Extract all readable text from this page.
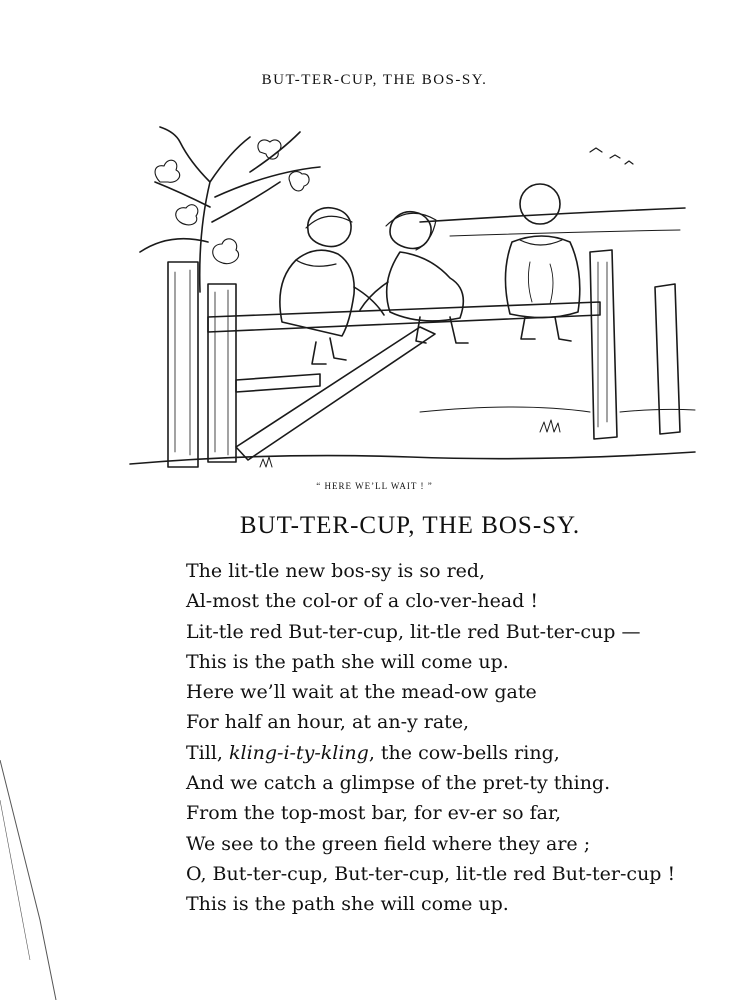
BUT-TER-CUP, THE BOS-SY.
“ HERE WE’LL WAIT ! ”
BUT-TER-CUP, THE BOS-SY.
The lit-tle new bos-sy is so red,
Al-most the col-or of a clo-ver-head !
Lit-tle red But-ter-cup, lit-tle red But-ter-cup —
This is the path she will come up.
Here we’ll wait at the mead-ow gate
For half an hour, at an-y rate,
Till, kling-i-ty-kling, the cow-bells ring,
And we catch a glimpse of the pret-ty thing.
From the top-most bar, for ev-er so far,
We see to the green field where they are ;
O, But-ter-cup, But-ter-cup, lit-tle red But-ter-cup !
This is the path she will come up.
